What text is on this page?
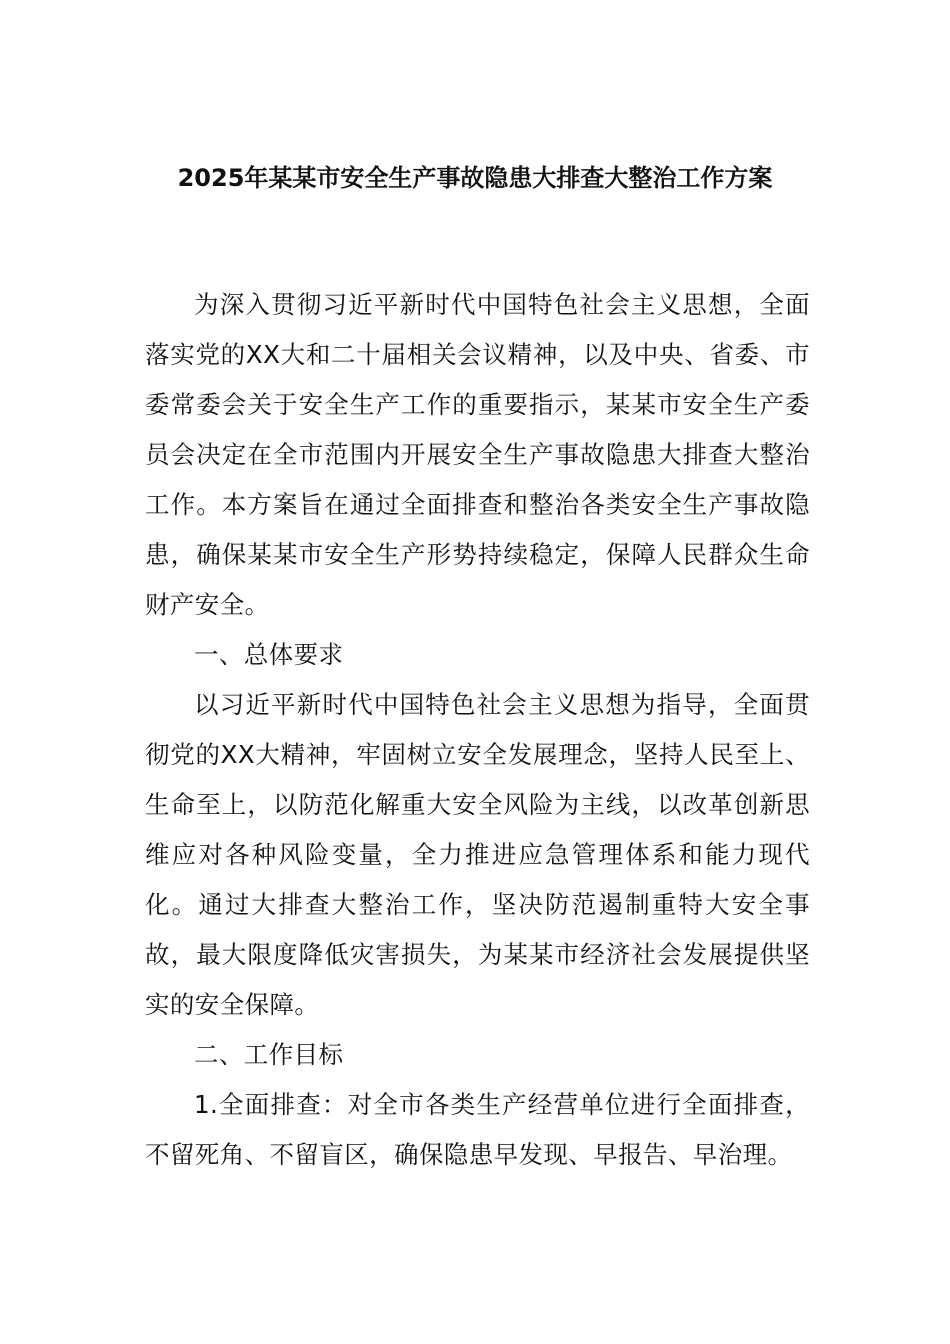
2025年某某市安全生产事故隐患大排查大整治工作方案

为深入贯彻习近平新时代中国特色社会主义思想，全面落实党的XX大和二十届相关会议精神，以及中央、省委、市委常委会关于安全生产工作的重要指示，某某市安全生产委员会决定在全市范围内开展安全生产事故隐患大排查大整治工作。本方案旨在通过全面排查和整治各类安全生产事故隐患，确保某某市安全生产形势持续稳定，保障人民群众生命财产安全。

一、总体要求

以习近平新时代中国特色社会主义思想为指导，全面贯彻党的XX大精神，牢固树立安全发展理念，坚持人民至上、生命至上，以防范化解重大安全风险为主线，以改革创新思维应对各种风险变量，全力推进应急管理体系和能力现代化。通过大排查大整治工作，坚决防范遏制重特大安全事故，最大限度降低灾害损失，为某某市经济社会发展提供坚实的安全保障。

二、工作目标

1.全面排查：对全市各类生产经营单位进行全面排查，不留死角、不留盲区，确保隐患早发现、早报告、早治理。
